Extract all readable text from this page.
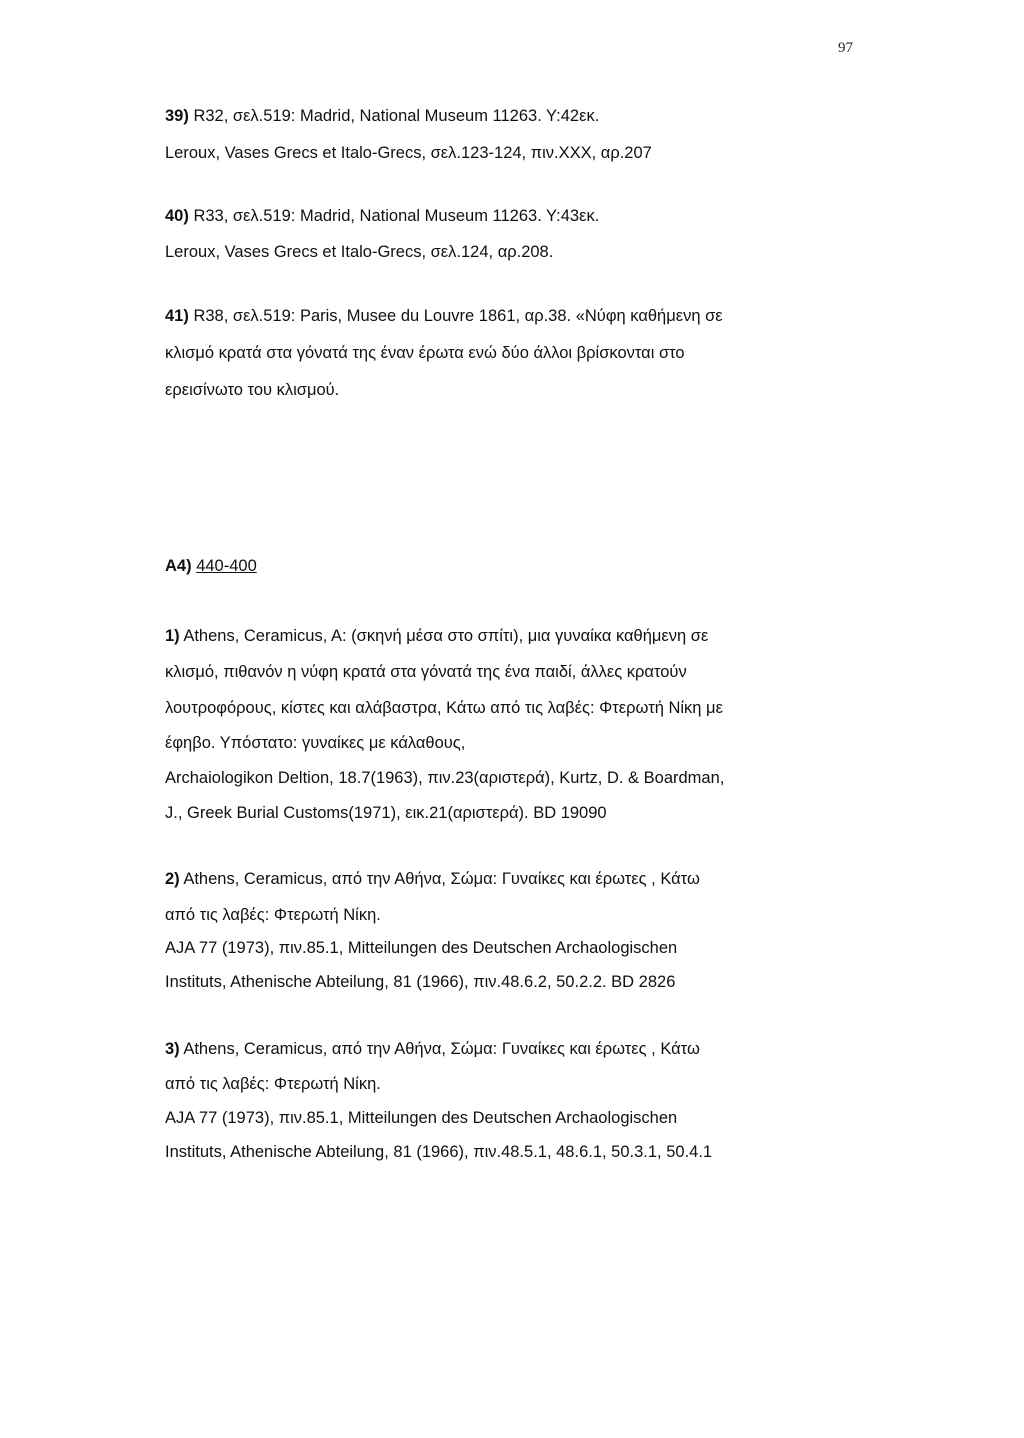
97
39) R32, σελ.519: Madrid, National Museum 11263. Y:42εκ.
Leroux, Vases Grecs et Italo-Grecs, σελ.123-124, πιν.XXX, αρ.207
40) R33, σελ.519: Madrid, National Museum 11263. Y:43εκ.
Leroux, Vases Grecs et Italo-Grecs, σελ.124, αρ.208.
41) R38, σελ.519: Paris, Musee du Louvre 1861, αρ.38. «Νύφη καθήμενη σε
κλισμό κρατά στα γόνατά της έναν έρωτα ενώ δύο άλλοι βρίσκονται στο
ερεισίνωτο του κλισμού.
Α4) 440-400
1) Athens, Ceramicus, A: (σκηνή μέσα στο σπίτι), μια γυναίκα καθήμενη σε
κλισμό, πιθανόν η νύφη κρατά στα γόνατά της ένα παιδί, άλλες κρατούν
λουτροφόρους, κίστες και αλάβαστρα, Κάτω από τις λαβές: Φτερωτή Νίκη με
έφηβο. Υπόστατο: γυναίκες με κάλαθους,
Archaiologikon Deltion, 18.7(1963), πιν.23(αριστερά), Kurtz, D. & Boardman,
J., Greek Burial Customs(1971), εικ.21(αριστερά). BD 19090
2) Athens, Ceramicus, από την Αθήνα, Σώμα: Γυναίκες και έρωτες , Κάτω
από τις λαβές: Φτερωτή Νίκη.
AJA 77 (1973), πιν.85.1, Mitteilungen des Deutschen Archaologischen
Instituts, Athenische Abteilung, 81 (1966), πιν.48.6.2, 50.2.2. BD 2826
3) Athens, Ceramicus, από την Αθήνα, Σώμα: Γυναίκες και έρωτες , Κάτω
από τις λαβές: Φτερωτή Νίκη.
AJA 77 (1973), πιν.85.1, Mitteilungen des Deutschen Archaologischen
Instituts, Athenische Abteilung, 81 (1966), πιν.48.5.1, 48.6.1, 50.3.1, 50.4.1
